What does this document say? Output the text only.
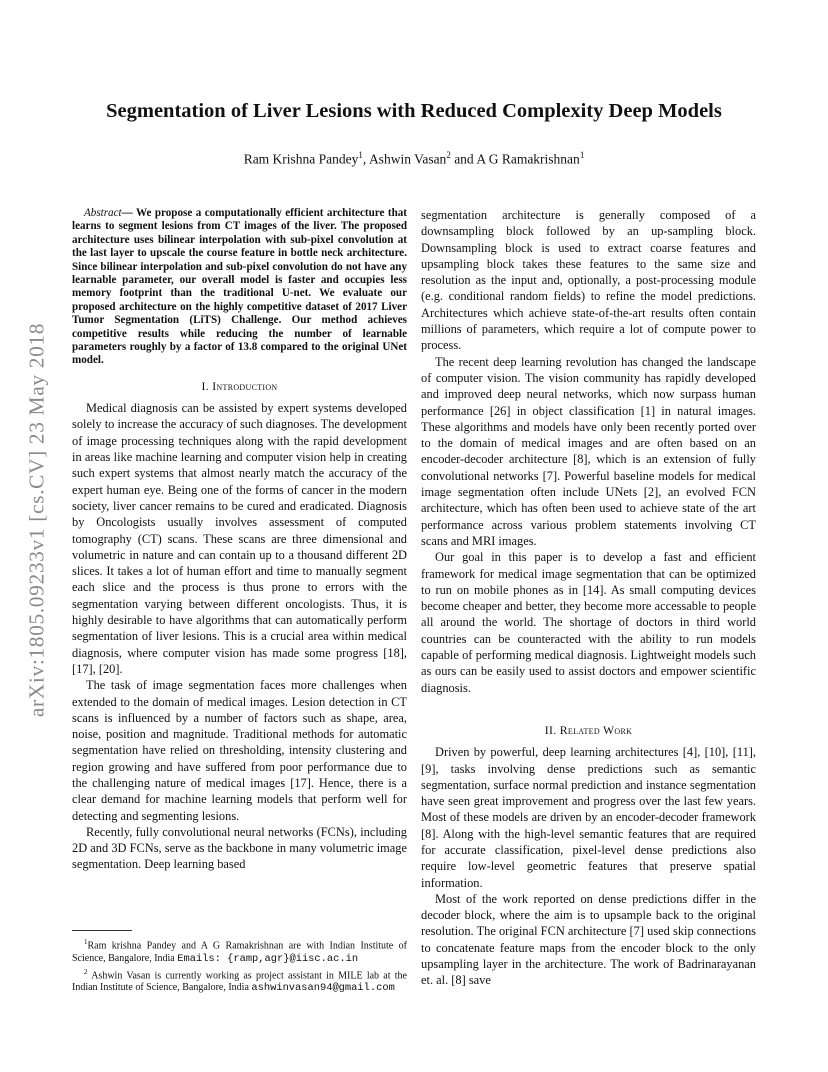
arXiv:1805.09233v1 [cs.CV] 23 May 2018
Segmentation of Liver Lesions with Reduced Complexity Deep Models
Ram Krishna Pandey$^1$, Ashwin Vasan$^2$ and A G Ramakrishnan$^1$

Abstract— We propose a computationally efficient architecture that learns to segment lesions from CT images of the liver. The proposed architecture uses bilinear interpolation with sub-pixel convolution at the last layer to upscale the course feature in bottle neck architecture. Since bilinear interpolation and sub-pixel convolution do not have any learnable parameter, our overall model is faster and occupies less memory footprint than the traditional U-net. We evaluate our proposed architecture on the highly competitive dataset of 2017 Liver Tumor Segmentation (LiTS) Challenge. Our method achieves competitive results while reducing the number of learnable parameters roughly by a factor of 13.8 compared to the original UNet model.

I. Introduction

Medical diagnosis can be assisted by expert systems developed solely to increase the accuracy of such diagnoses. The development of image processing techniques along with the rapid development in areas like machine learning and computer vision help in creating such expert systems that almost nearly match the accuracy of the expert human eye. Being one of the forms of cancer in the modern society, liver cancer remains to be cured and eradicated. Diagnosis by Oncologists usually involves assessment of computed tomography (CT) scans. These scans are three dimensional and volumetric in nature and can contain up to a thousand different 2D slices. It takes a lot of human effort and time to manually segment each slice and the process is thus prone to errors with the segmentation varying between different oncologists. Thus, it is highly desirable to have algorithms that can automatically perform segmentation of liver lesions. This is a crucial area within medical diagnosis, where computer vision has made some progress [18], [17], [20].

The task of image segmentation faces more challenges when extended to the domain of medical images. Lesion detection in CT scans is influenced by a number of factors such as shape, area, noise, position and magnitude. Traditional methods for automatic segmentation have relied on thresholding, intensity clustering and region growing and have suffered from poor performance due to the challenging nature of medical images [17]. Hence, there is a clear demand for machine learning models that perform well for detecting and segmenting lesions.

Recently, fully convolutional neural networks (FCNs), including 2D and 3D FCNs, serve as the backbone in many volumetric image segmentation. Deep learning based

$^1$Ram krishna Pandey and A G Ramakrishnan are with Indian Institute of Science, Bangalore, India Emails: {ramp,agr}@iisc.ac.in

$^2$ Ashwin Vasan is currently working as project assistant in MILE lab at the Indian Institute of Science, Bangalore, India ashwinvasan94@gmail.com

segmentation architecture is generally composed of a downsampling block followed by an up-sampling block. Downsampling block is used to extract coarse features and upsampling block takes these features to the same size and resolution as the input and, optionally, a post-processing module (e.g. conditional random fields) to refine the model predictions. Architectures which achieve state-of-the-art results often contain millions of parameters, which require a lot of compute power to process.

The recent deep learning revolution has changed the landscape of computer vision. The vision community has rapidly developed and improved deep neural networks, which now surpass human performance [26] in object classification [1] in natural images. These algorithms and models have only been recently ported over to the domain of medical images and are often based on an encoder-decoder architecture [8], which is an extension of fully convolutional networks [7]. Powerful baseline models for medical image segmentation often include UNets [2], an evolved FCN architecture, which has often been used to achieve state of the art performance across various problem statements involving CT scans and MRI images.

Our goal in this paper is to develop a fast and efficient framework for medical image segmentation that can be optimized to run on mobile phones as in [14]. As small computing devices become cheaper and better, they become more accessable to people all around the world. The shortage of doctors in third world countries can be counteracted with the ability to run models capable of performing medical diagnosis. Lightweight models such as ours can be easily used to assist doctors and empower scientific diagnosis.

II. Related Work

Driven by powerful, deep learning architectures [4], [10], [11], [9], tasks involving dense predictions such as semantic segmentation, surface normal prediction and instance segmentation have seen great improvement and progress over the last few years. Most of these models are driven by an encoder-decoder framework [8]. Along with the high-level semantic features that are required for accurate classification, pixel-level dense predictions also require low-level geometric features that preserve spatial information.

Most of the work reported on dense predictions differ in the decoder block, where the aim is to upsample back to the original resolution. The original FCN architecture [7] used skip connections to concatenate feature maps from the encoder block to the only upsampling layer in the architecture. The work of Badrinarayanan et. al. [8] save
